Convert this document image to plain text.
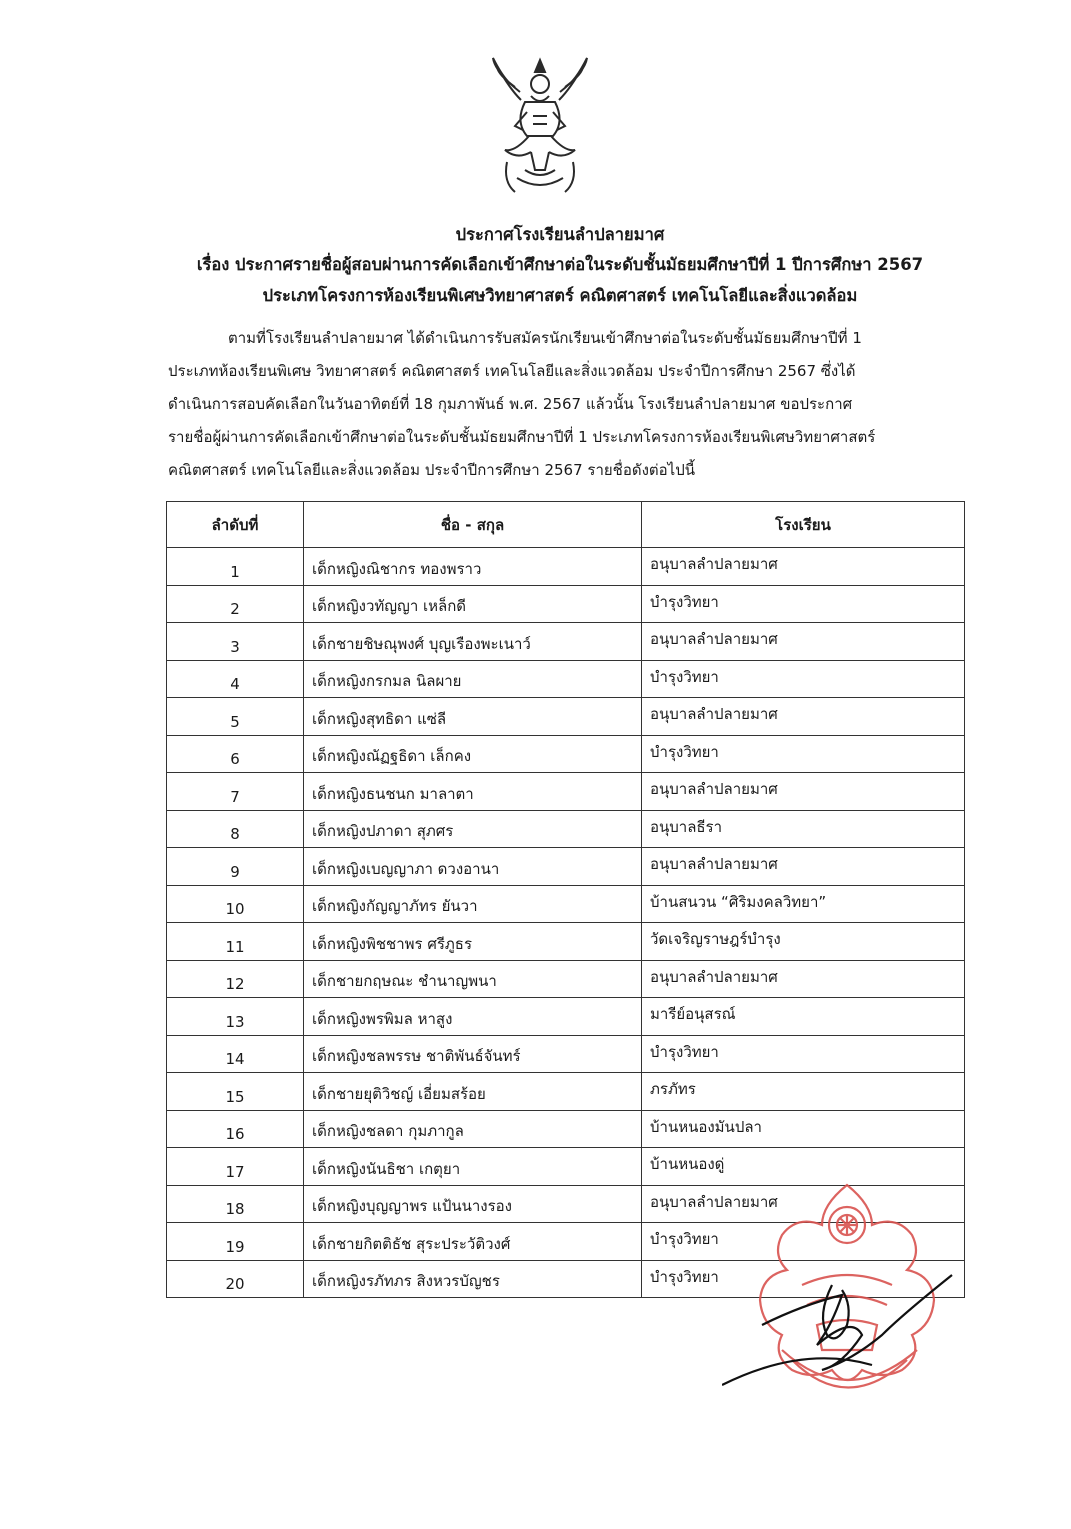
ประกาศโรงเรียนลำปลายมาศ
เรื่อง ประกาศรายชื่อผู้สอบผ่านการคัดเลือกเข้าศึกษาต่อในระดับชั้นมัธยมศึกษาปีที่ 1 ปีการศึกษา 2567
ประเภทโครงการห้องเรียนพิเศษวิทยาศาสตร์ คณิตศาสตร์ เทคโนโลยีและสิ่งแวดล้อม
ตามที่โรงเรียนลำปลายมาศ ได้ดำเนินการรับสมัครนักเรียนเข้าศึกษาต่อในระดับชั้นมัธยมศึกษาปีที่ 1
ประเภทห้องเรียนพิเศษ วิทยาศาสตร์ คณิตศาสตร์ เทคโนโลยีและสิ่งแวดล้อม ประจำปีการศึกษา 2567 ซึ่งได้
ดำเนินการสอบคัดเลือกในวันอาทิตย์ที่ 18 กุมภาพันธ์ พ.ศ. 2567 แล้วนั้น โรงเรียนลำปลายมาศ ขอประกาศ
รายชื่อผู้ผ่านการคัดเลือกเข้าศึกษาต่อในระดับชั้นมัธยมศึกษาปีที่ 1 ประเภทโครงการห้องเรียนพิเศษวิทยาศาสตร์
คณิตศาสตร์ เทคโนโลยีและสิ่งแวดล้อม ประจำปีการศึกษา 2567 รายชื่อดังต่อไปนี้
ลำดับที่	ชื่อ - สกุล	โรงเรียน
1	เด็กหญิงณิชากร ทองพราว	อนุบาลลำปลายมาศ
2	เด็กหญิงวทัญญา เหล็กดี	บำรุงวิทยา
3	เด็กชายชิษณุพงศ์ บุญเรืองพะเนาว์	อนุบาลลำปลายมาศ
4	เด็กหญิงกรกมล นิลผาย	บำรุงวิทยา
5	เด็กหญิงสุทธิดา แซ่ลี	อนุบาลลำปลายมาศ
6	เด็กหญิงณัฏฐธิดา เล็กคง	บำรุงวิทยา
7	เด็กหญิงธนชนก มาลาตา	อนุบาลลำปลายมาศ
8	เด็กหญิงปภาดา สุภศร	อนุบาลธีรา
9	เด็กหญิงเบญญาภา ดวงอานา	อนุบาลลำปลายมาศ
10	เด็กหญิงกัญญาภัทร ยันวา	บ้านสนวน “ศิริมงคลวิทยา”
11	เด็กหญิงพิชชาพร ศรีภูธร	วัดเจริญราษฎร์บำรุง
12	เด็กชายกฤษณะ ชำนาญพนา	อนุบาลลำปลายมาศ
13	เด็กหญิงพรพิมล หาสูง	มารีย์อนุสรณ์
14	เด็กหญิงชลพรรษ ชาติพันธ์จันทร์	บำรุงวิทยา
15	เด็กชายยุติวิชญ์ เอี่ยมสร้อย	ภรภัทร
16	เด็กหญิงชลดา กุมภากูล	บ้านหนองมันปลา
17	เด็กหญิงนันธิชา เกตุยา	บ้านหนองดู่
18	เด็กหญิงบุญญาพร แป้นนางรอง	อนุบาลลำปลายมาศ
19	เด็กชายกิตติธัช สุระประวัติวงศ์	บำรุงวิทยา
20	เด็กหญิงรภัทภร สิงหวรบัญชร	บำรุงวิทยา
